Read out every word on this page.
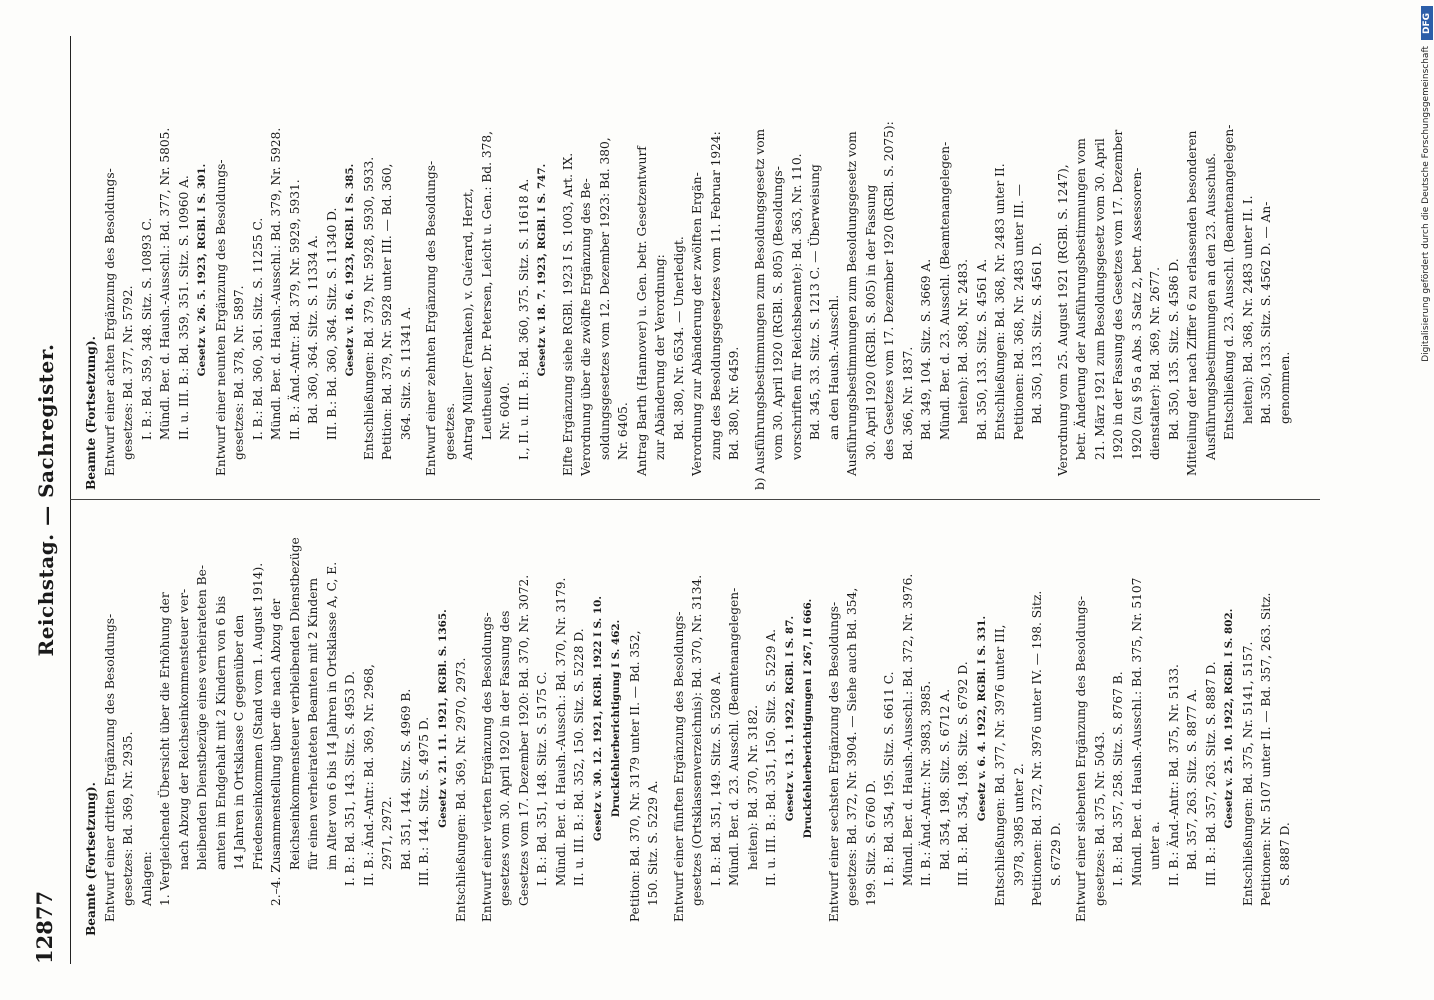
12877
Reichstag. — Sachregister.
Beamte (Fortsetzung). Entwurf einer dritten Ergänzung des Besoldungs- gesetzes: Bd. 369, Nr. 2935. Anlagen: 1. Vergleichende Übersicht über die Erhöhung der nach Abzug der Reichseinkommensteuer ver- bleibenden Dienstbezüge eines verheirateten Be- amten im Endgehalt mit 2 Kindern von 6 bis 14 Jahren in Ortsklasse C gegenüber den Friedenseinkommen (Stand vom 1. August 1914). 2.–4. Zusammenstellung über die nach Abzug der Reichseinkommensteuer verbleibenden Dienstbezüge für einen verheirateten Beamten mit 2 Kindern im Alter von 6 bis 14 Jahren in Ortsklasse A, C, E. I. B.: Bd. 351, 143. Sitz. S. 4953 D. II. B.: Änd.-Antr.: Bd. 369, Nr. 2968, 2971, 2972. Bd. 351, 144. Sitz. S. 4969 B. III. B.: 144. Sitz. S. 4975 D. Gesetz v. 21. 11. 1921, RGBl. S. 1365. Entschließungen: Bd. 369, Nr. 2970, 2973. Entwurf einer vierten Ergänzung des Besoldungs- gesetzes vom 30. April 1920 in der Fassung des Gesetzes vom 17. Dezember 1920: Bd. 370, Nr. 3072. I. B.: Bd. 351, 148. Sitz. S. 5175 C. Mündl. Ber. d. Haush.-Aussch.: Bd. 370, Nr. 3179. II. u. III. B.: Bd. 352, 150. Sitz. S. 5228 D. Gesetz v. 30. 12. 1921, RGBl. 1922 I S. 10. Druckfehlerberichtigung I S. 462. Petition: Bd. 370, Nr. 3179 unter II. — Bd. 352, 150. Sitz. S. 5229 A. Entwurf einer fünften Ergänzung des Besoldungs- gesetzes (Ortsklassenverzeichnis): Bd. 370, Nr. 3134. I. B.: Bd. 351, 149. Sitz. S. 5208 A. Mündl. Ber. d. 23. Ausschl. (Beamtenangelegen- heiten): Bd. 370, Nr. 3182. II. u. III. B.: Bd. 351, 150. Sitz. S. 5229 A. Gesetz v. 13. 1. 1922, RGBl. I S. 87. Druckfehlerberichtigungen I 267, II 666. Entwurf einer sechsten Ergänzung des Besoldungs- gesetzes: Bd. 372, Nr. 3904. — Siehe auch Bd. 354, 199. Sitz. S. 6760 D. I. B.: Bd. 354, 195. Sitz. S. 6611 C. Mündl. Ber. d. Haush.-Ausschl.: Bd. 372, Nr. 3976. II. B.: Änd.-Antr.: Nr. 3983, 3985. Bd. 354, 198. Sitz. S. 6712 A. III. B.: Bd. 354, 198. Sitz. S. 6792 D. Gesetz v. 6. 4. 1922, RGBl. I S. 331. Entschließungen: Bd. 377, Nr. 3976 unter III, 3978, 3985 unter 2. Petitionen: Bd. 372, Nr. 3976 unter IV. — 198. Sitz. S. 6729 D. Entwurf einer siebenten Ergänzung des Besoldungs- gesetzes: Bd. 375, Nr. 5043. I. B.: Bd. 357, 258. Sitz. S. 8767 B. Mündl. Ber. d. Haush.-Ausschl.: Bd. 375, Nr. 5107 unter a. II. B.: Änd.-Antr.: Bd. 375, Nr. 5133. Bd. 357, 263. Sitz. S. 8877 A. III. B.: Bd. 357, 263. Sitz. S. 8887 D. Gesetz v. 25. 10. 1922, RGBl. I S. 802. Entschließungen: Bd. 375, Nr. 5141, 5157. Petitionen: Nr. 5107 unter II. — Bd. 357, 263. Sitz. S. 8887 D.
Beamte (Fortsetzung). Entwurf einer achten Ergänzung des Besoldungs- gesetzes: Bd. 377, Nr. 5792. I. B.: Bd. 359, 348. Sitz. S. 10893 C. Mündl. Ber. d. Haush.-Ausschl.: Bd. 377, Nr. 5805. II. u. III. B.: Bd. 359, 351. Sitz. S. 10960 A. Gesetz v. 26. 5. 1923, RGBl. I S. 301. Entwurf einer neunten Ergänzung des Besoldungs- gesetzes: Bd. 378, Nr. 5897. I. B.: Bd. 360, 361. Sitz. S. 11255 C. Mündl. Ber. d. Haush.-Ausschl.: Bd. 379, Nr. 5928. II. B.: Änd.-Antr.: Bd. 379, Nr. 5929, 5931. Bd. 360, 364. Sitz. S. 11334 A. III. B.: Bd. 360, 364. Sitz. S. 11340 D. Gesetz v. 18. 6. 1923, RGBl. I S. 385. Entschließungen: Bd. 379, Nr. 5928, 5930, 5933. Petition: Bd. 379, Nr. 5928 unter III. — Bd. 360, 364. Sitz. S. 11341 A. Entwurf einer zehnten Ergänzung des Besoldungs- gesetzes. Antrag Müller (Franken), v. Guérard, Herzt, Leutheußer, Dr. Petersen, Leicht u. Gen.: Bd. 378, Nr. 6040. I., II. u. III. B.: Bd. 360, 375. Sitz. S. 11618 A. Gesetz v. 18. 7. 1923, RGBl. I S. 747. Elfte Ergänzung siehe RGBl. 1923 I S. 1003, Art. IX. Verordnung über die zwölfte Ergänzung des Be- soldungsgesetzes vom 12. Dezember 1923: Bd. 380, Nr. 6405. Antrag Barth (Hannover) u. Gen. betr. Gesetzentwurf zur Abänderung der Verordnung: Bd. 380, Nr. 6534. — Unerledigt. Verordnung zur Abänderung der zwölften Ergän- zung des Besoldungsgesetzes vom 11. Februar 1924: Bd. 380, Nr. 6459. b) Ausführungsbestimmungen zum Besoldungsgesetz vom vom 30. April 1920 (RGBl. S. 805) (Besoldungs- vorschriften für Reichsbeamte): Bd. 363, Nr. 110. Bd. 345, 33. Sitz. S. 1213 C. — Überweisung an den Haush.-Ausschl. Ausführungsbestimmungen zum Besoldungsgesetz vom 30. April 1920 (RGBl. S. 805) in der Fassung des Gesetzes vom 17. Dezember 1920 (RGBl. S. 2075): Bd. 366, Nr. 1837. Bd. 349, 104. Sitz. S. 3669 A. Mündl. Ber. d. 23. Ausschl. (Beamtenangelegen- heiten): Bd. 368, Nr. 2483. Bd. 350, 133. Sitz. S. 4561 A. Entschließungen: Bd. 368, Nr. 2483 unter II. Petitionen: Bd. 368, Nr. 2483 unter III. — Bd. 350, 133. Sitz. S. 4561 D. Verordnung vom 25. August 1921 (RGBl. S. 1247), betr. Änderung der Ausführungsbestimmungen vom 21. März 1921 zum Besoldungsgesetz vom 30. April 1920 in der Fassung des Gesetzes vom 17. Dezember 1920 (zu § 95 a Abs. 3 Satz 2, betr. Assessoren- dienstalter): Bd. 369, Nr. 2677. Bd. 350, 135. Sitz. S. 4586 D. Mitteilung der nach Ziffer 6 zu erlassenden besonderen Ausführungsbestimmungen an den 23. Ausschuß. Entschließung d. 23. Ausschl. (Beamtenangelegen- heiten): Bd. 368, Nr. 2483 unter II. I. Bd. 350, 133. Sitz. S. 4562 D. — An- genommen.
DFG
Digitalisierung gefördert durch die Deutsche Forschungsgemeinschaft
